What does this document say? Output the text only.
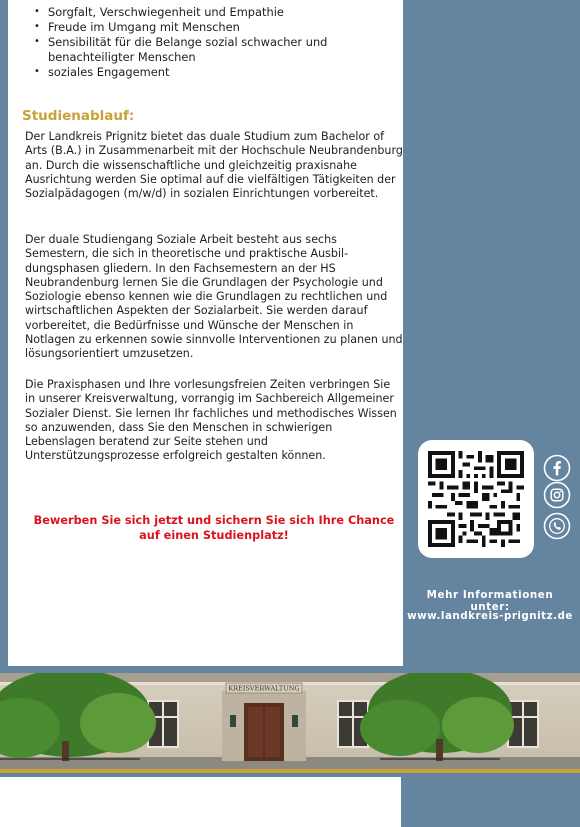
• Sorgfalt, Verschwiegenheit und Empathie
• Freude im Umgang mit Menschen
• Sensibilität für die Belange sozial schwacher und benachteiligter Menschen
• soziales Engagement
Studienablauf:

Der Landkreis Prignitz bietet das duale Studium zum Bachelor of Arts (B.A.) in Zusammenarbeit mit der Hochschule Neubrandenburg an. Durch die wissenschaftliche und gleichzeitig praxisnahe Ausrichtung werden Sie optimal auf die vielfältigen Tätigkeiten der Sozialpädagogen (m/w/d) in sozialen Einrichtungen vorbereitet.

Der duale Studiengang Soziale Arbeit besteht aus sechs Semestern, die sich in theoretische und praktische Ausbildungsphasen gliedern. In den Fachsemestern an der HS Neubrandenburg lernen Sie die Grundlagen der Psychologie und Soziologie ebenso kennen wie die Grundlagen zu rechtlichen und wirtschaftlichen Aspekten der Sozialarbeit. Sie werden darauf vorbereitet, die Bedürfnisse und Wünsche der Menschen in Notlagen zu erkennen sowie sinnvolle Interventionen zu planen und lösungsorientiert umzusetzen.

Die Praxisphasen und Ihre vorlesungsfreien Zeiten verbringen Sie in unserer Kreisverwaltung, vorrangig im Sachbereich Allgemeiner Sozialer Dienst. Sie lernen Ihr fachliches und methodisches Wissen so anzuwenden, dass Sie den Menschen in schwierigen Lebenslagen beratend zur Seite stehen und Unterstützungsprozesse erfolgreich gestalten können.

Bewerben Sie sich jetzt und sichern Sie sich Ihre Chance auf einen Studienplatz!

Mehr Informationen unter:
www.landkreis-prignitz.de
KREISVERWALTUNG
